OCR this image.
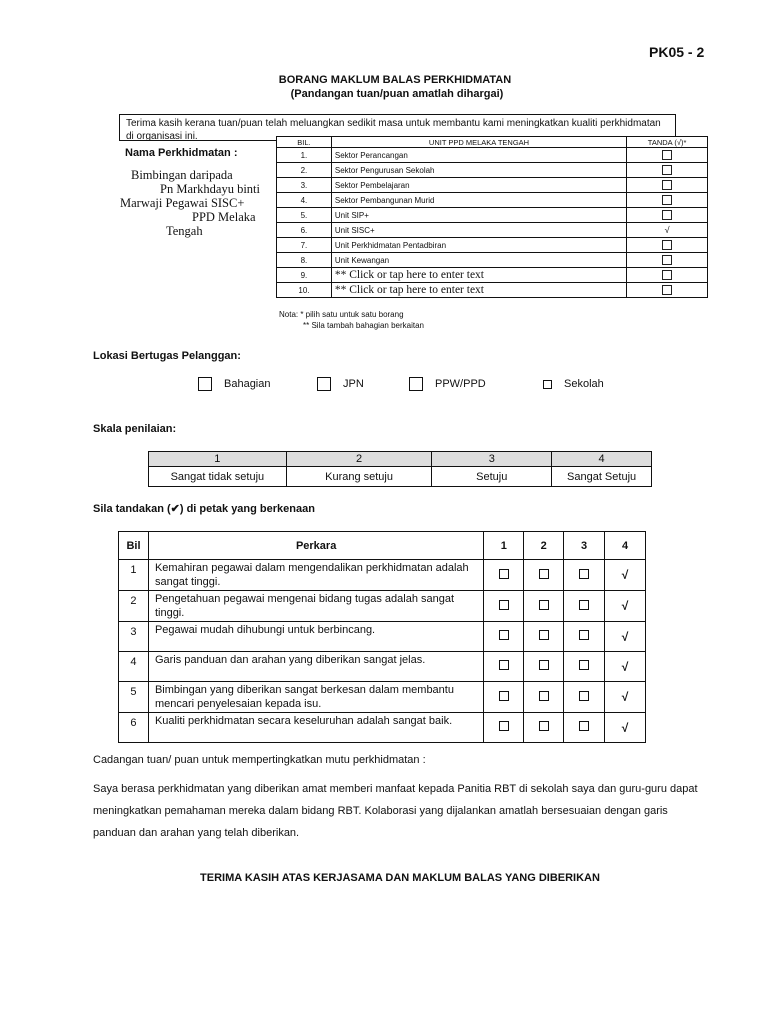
PK05 - 2
BORANG MAKLUM BALAS PERKHIDMATAN
(Pandangan tuan/puan amatlah dihargai)
Terima kasih kerana tuan/puan telah meluangkan sedikit masa untuk membantu kami meningkatkan kualiti perkhidmatan di organisasi ini.
Nama Perkhidmatan :
Bimbingan daripada
Pn Markhdayu binti
Marwaji Pegawai SISC+
PPD Melaka
Tengah
BIL.	UNIT PPD MELAKA TENGAH	TANDA (√)*
1.	Sektor Perancangan	
2.	Sektor Pengurusan Sekolah	
3.	Sektor Pembelajaran	
4.	Sektor Pembangunan Murid	
5.	Unit SIP+	
6.	Unit SISC+	√
7.	Unit Perkhidmatan Pentadbiran	
8.	Unit Kewangan	
9.	** Click or tap here to enter text	
10.	** Click or tap here to enter text	
Nota: * pilih satu untuk satu borang
** Sila tambah bahagian berkaitan
Lokasi Bertugas Pelanggan:
Bahagian	JPN	PPW/PPD	Sekolah
Skala penilaian:
1	2	3	4
Sangat tidak setuju	Kurang setuju	Setuju	Sangat Setuju
Sila tandakan (✔) di petak yang berkenaan
Bil	Perkara	1	2	3	4
1	Kemahiran pegawai dalam mengendalikan perkhidmatan adalah sangat tinggi.				√
2	Pengetahuan pegawai mengenai bidang tugas adalah sangat tinggi.				√
3	Pegawai mudah dihubungi untuk berbincang.				√
4	Garis panduan dan arahan yang diberikan sangat jelas.				√
5	Bimbingan yang diberikan sangat berkesan dalam membantu mencari penyelesaian kepada isu.				√
6	Kualiti perkhidmatan secara keseluruhan adalah sangat baik.				√
Cadangan tuan/ puan untuk mempertingkatkan mutu perkhidmatan :
Saya berasa perkhidmatan yang diberikan amat memberi manfaat kepada Panitia RBT di sekolah saya dan guru-guru dapat meningkatkan pemahaman mereka dalam bidang RBT. Kolaborasi yang dijalankan amatlah bersesuaian dengan garis panduan dan arahan yang telah diberikan.
TERIMA KASIH ATAS KERJASAMA DAN MAKLUM BALAS YANG DIBERIKAN
